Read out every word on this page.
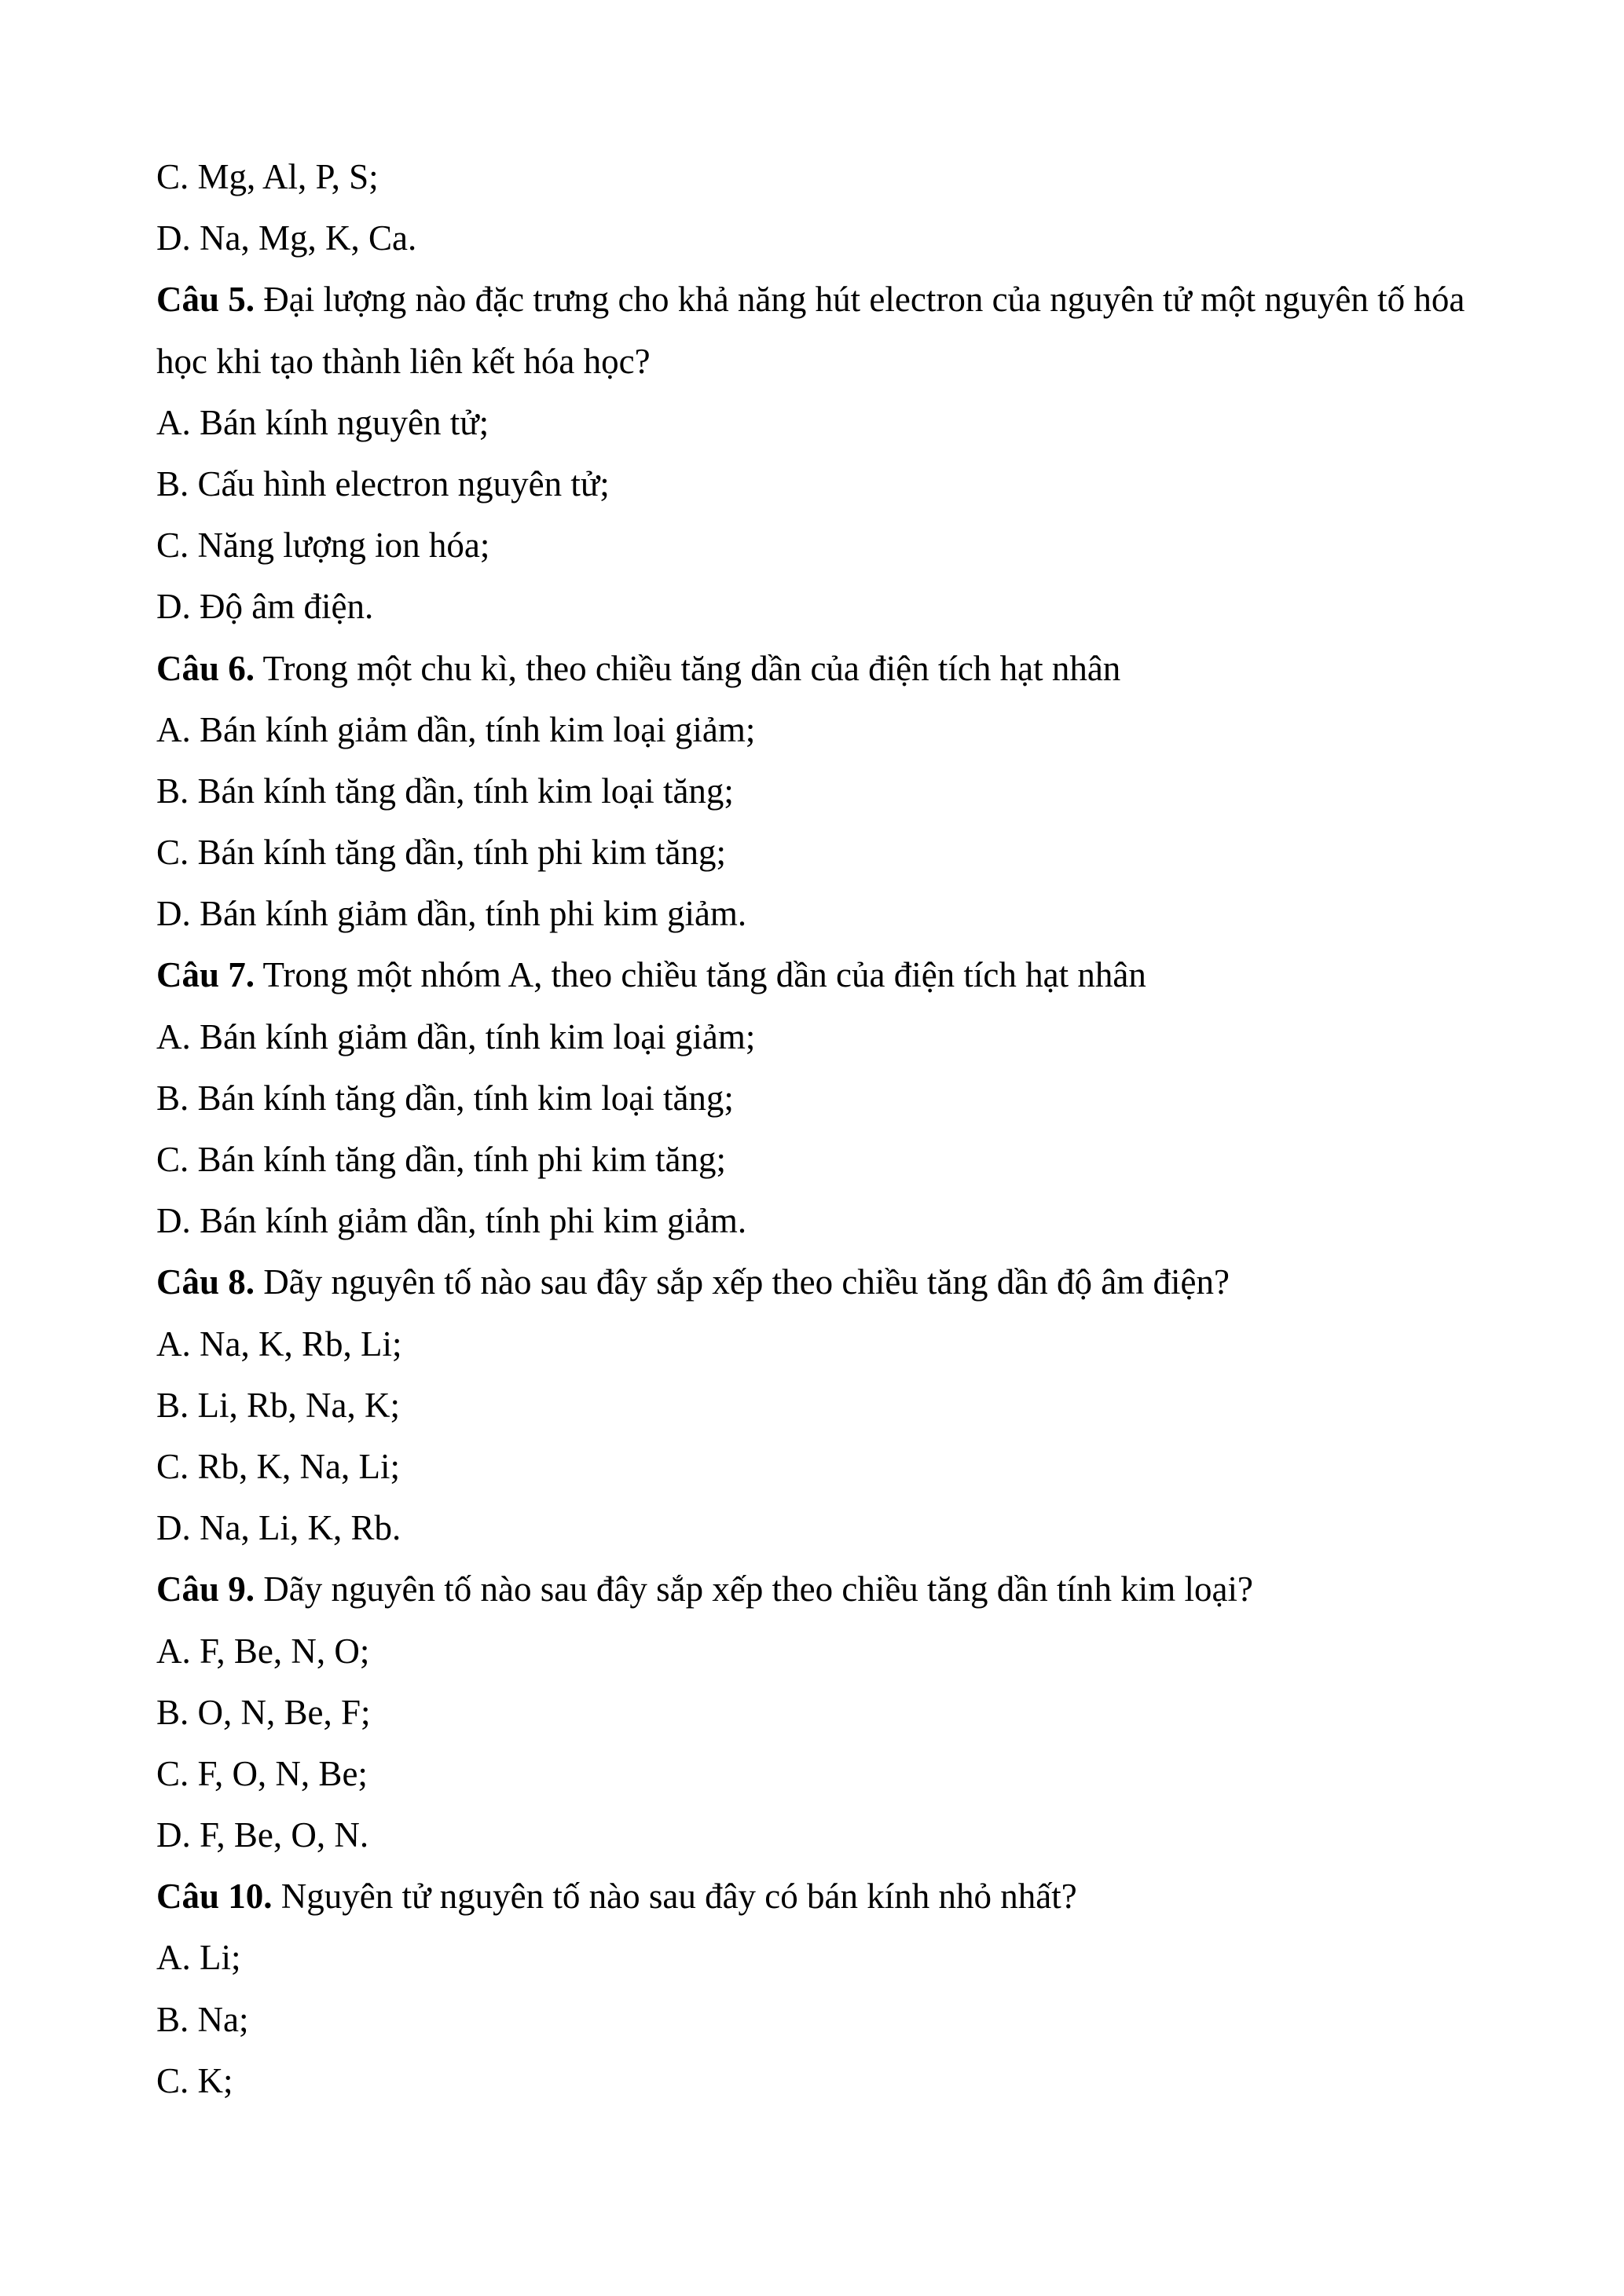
C. Mg, Al, P, S;
D. Na, Mg, K, Ca.
Câu 5. Đại lượng nào đặc trưng cho khả năng hút electron của nguyên tử một nguyên tố hóa học khi tạo thành liên kết hóa học?
A. Bán kính nguyên tử;
B. Cấu hình electron nguyên tử;
C. Năng lượng ion hóa;
D. Độ âm điện.
Câu 6. Trong một chu kì, theo chiều tăng dần của điện tích hạt nhân
A. Bán kính giảm dần, tính kim loại giảm;
B. Bán kính tăng dần, tính kim loại tăng;
C. Bán kính tăng dần, tính phi kim tăng;
D. Bán kính giảm dần, tính phi kim giảm.
Câu 7. Trong một nhóm A, theo chiều tăng dần của điện tích hạt nhân
A. Bán kính giảm dần, tính kim loại giảm;
B. Bán kính tăng dần, tính kim loại tăng;
C. Bán kính tăng dần, tính phi kim tăng;
D. Bán kính giảm dần, tính phi kim giảm.
Câu 8. Dãy nguyên tố nào sau đây sắp xếp theo chiều tăng dần độ âm điện?
A. Na, K, Rb, Li;
B. Li, Rb, Na, K;
C. Rb, K, Na, Li;
D. Na, Li, K, Rb.
Câu 9. Dãy nguyên tố nào sau đây sắp xếp theo chiều tăng dần tính kim loại?
A. F, Be, N, O;
B. O, N, Be, F;
C. F, O, N, Be;
D. F, Be, O, N.
Câu 10. Nguyên tử nguyên tố nào sau đây có bán kính nhỏ nhất?
A. Li;
B. Na;
C. K;
